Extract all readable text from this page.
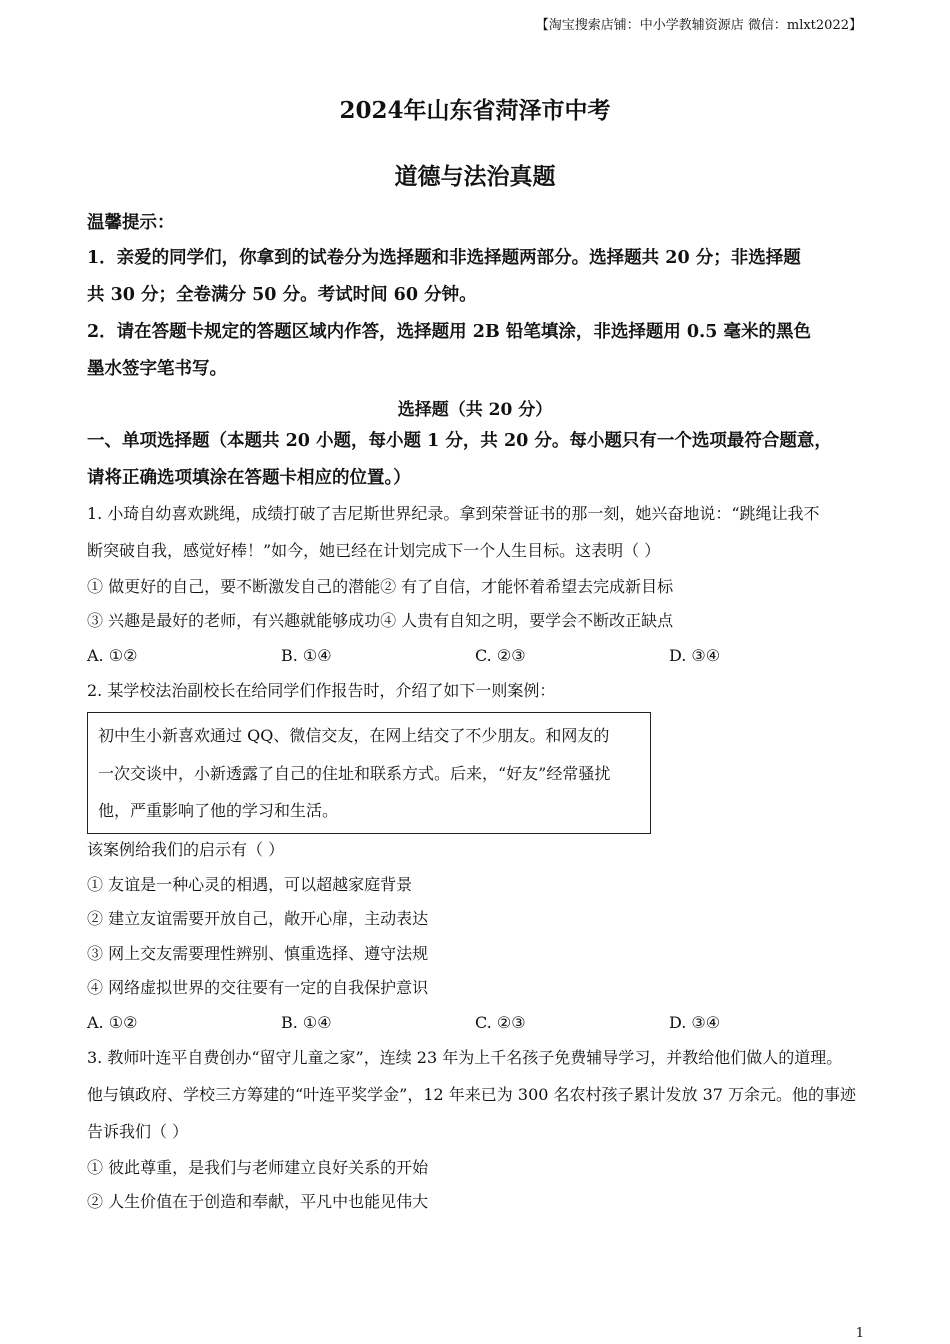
【淘宝搜索店铺：中小学教辅资源店 微信：mlxt2022】
2024年山东省菏泽市中考
道德与法治真题
温馨提示：
1．亲爱的同学们，你拿到的试卷分为选择题和非选择题两部分。选择题共 20 分；非选择题
共 30 分；全卷满分 50 分。考试时间 60 分钟。
2．请在答题卡规定的答题区域内作答，选择题用 2B 铅笔填涂，非选择题用 0.5 毫米的黑色
墨水签字笔书写。
选择题（共 20 分）
一、单项选择题（本题共 20 小题，每小题 1 分，共 20 分。每小题只有一个选项最符合题意，
请将正确选项填涂在答题卡相应的位置。）
1. 小琦自幼喜欢跳绳，成绩打破了吉尼斯世界纪录。拿到荣誉证书的那一刻，她兴奋地说：“跳绳让我不
断突破自我，感觉好棒！”如今，她已经在计划完成下一个人生目标。这表明（ ）
① 做更好的自己，要不断激发自己的潜能② 有了自信，才能怀着希望去完成新目标
③ 兴趣是最好的老师，有兴趣就能够成功④ 人贵有自知之明，要学会不断改正缺点
A. ①②	B. ①④	C. ②③	D. ③④
2. 某学校法治副校长在给同学们作报告时，介绍了如下一则案例：
初中生小新喜欢通过 QQ、微信交友，在网上结交了不少朋友。和网友的
一次交谈中，小新透露了自己的住址和联系方式。后来，“好友”经常骚扰
他，严重影响了他的学习和生活。
该案例给我们的启示有（ ）
① 友谊是一种心灵的相遇，可以超越家庭背景
② 建立友谊需要开放自己，敞开心扉，主动表达
③ 网上交友需要理性辨别、慎重选择、遵守法规
④ 网络虚拟世界的交往要有一定的自我保护意识
A. ①②	B. ①④	C. ②③	D. ③④
3. 教师叶连平自费创办“留守儿童之家”，连续 23 年为上千名孩子免费辅导学习，并教给他们做人的道理。
他与镇政府、学校三方筹建的“叶连平奖学金”，12 年来已为 300 名农村孩子累计发放 37 万余元。他的事迹
告诉我们（ ）
① 彼此尊重，是我们与老师建立良好关系的开始
② 人生价值在于创造和奉献，平凡中也能见伟大
1
